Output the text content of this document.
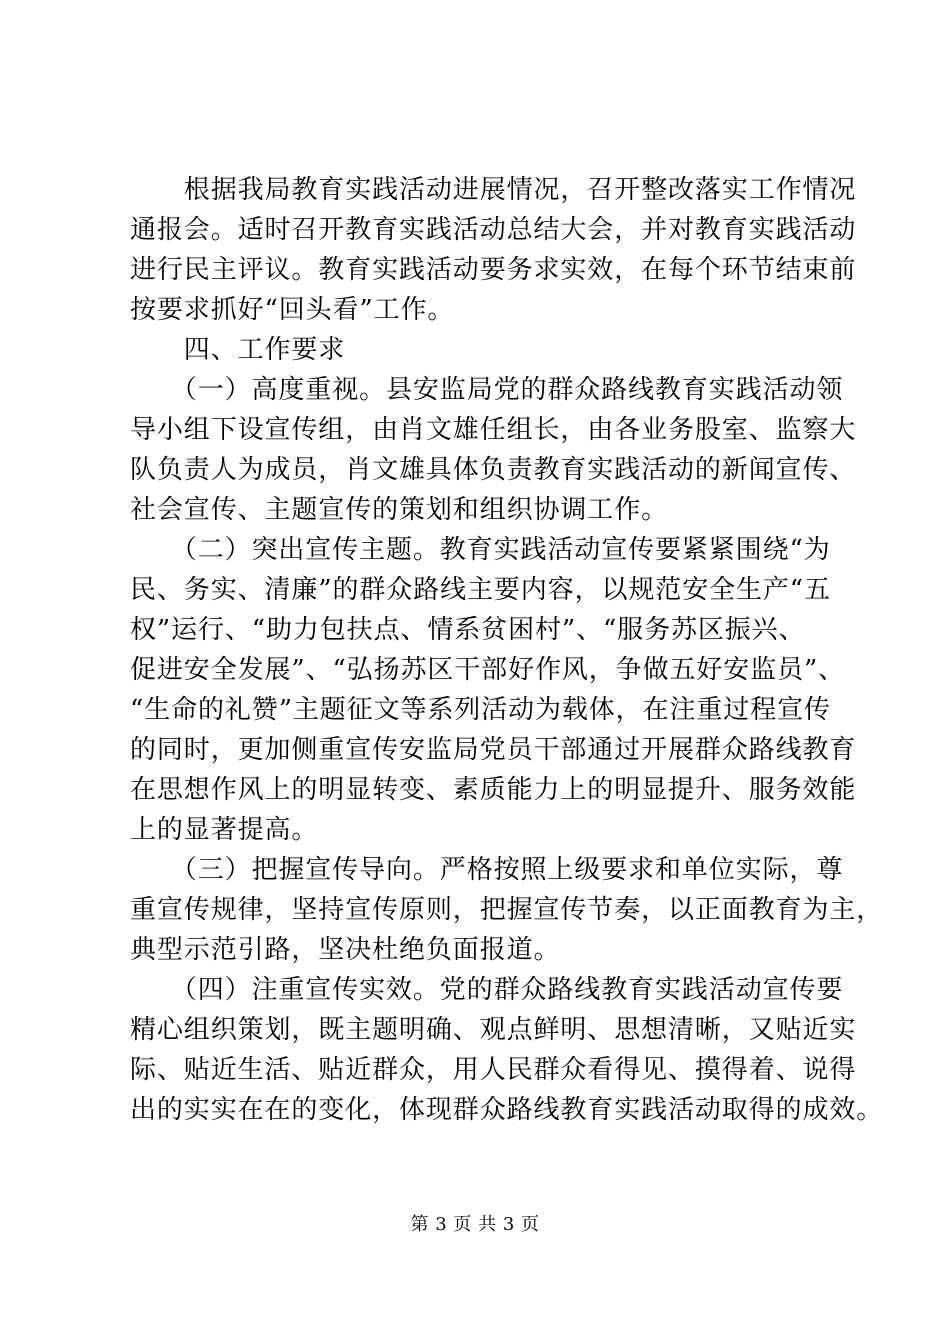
　　根据我局教育实践活动进展情况，召开整改落实工作情况
通报会。适时召开教育实践活动总结大会，并对教育实践活动
进行民主评议。教育实践活动要务求实效，在每个环节结束前
按要求抓好“回头看”工作。
　　四、工作要求
　　（一）高度重视。县安监局党的群众路线教育实践活动领
导小组下设宣传组，由肖文雄任组长，由各业务股室、监察大
队负责人为成员，肖文雄具体负责教育实践活动的新闻宣传、
社会宣传、主题宣传的策划和组织协调工作。
　　（二）突出宣传主题。教育实践活动宣传要紧紧围绕“为
民、务实、清廉”的群众路线主要内容，以规范安全生产“五
权”运行、“助力包扶点、情系贫困村”、“服务苏区振兴、
促进安全发展”、“弘扬苏区干部好作风，争做五好安监员”、
“生命的礼赞”主题征文等系列活动为载体，在注重过程宣传
的同时，更加侧重宣传安监局党员干部通过开展群众路线教育
在思想作风上的明显转变、素质能力上的明显提升、服务效能
上的显著提高。
　　（三）把握宣传导向。严格按照上级要求和单位实际，尊
重宣传规律，坚持宣传原则，把握宣传节奏，以正面教育为主，
典型示范引路，坚决杜绝负面报道。
　　（四）注重宣传实效。党的群众路线教育实践活动宣传要
精心组织策划，既主题明确、观点鲜明、思想清晰，又贴近实
际、贴近生活、贴近群众，用人民群众看得见、摸得着、说得
出的实实在在的变化，体现群众路线教育实践活动取得的成效。
第 3 页 共 3 页
